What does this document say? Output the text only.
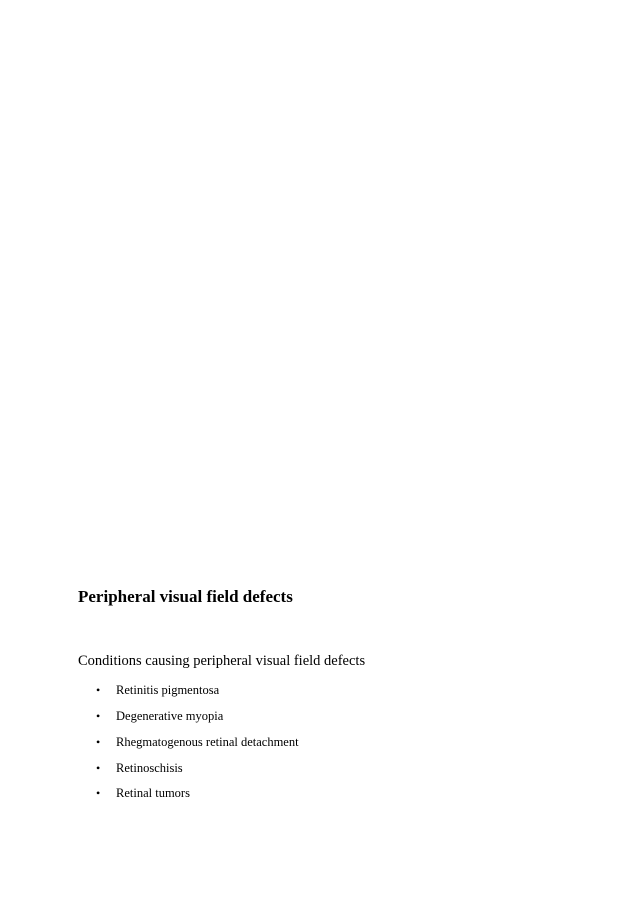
Peripheral visual field defects

Conditions causing peripheral visual field defects

•	Retinitis pigmentosa
•	Degenerative myopia
•	Rhegmatogenous retinal detachment
•	Retinoschisis
•	Retinal tumors
